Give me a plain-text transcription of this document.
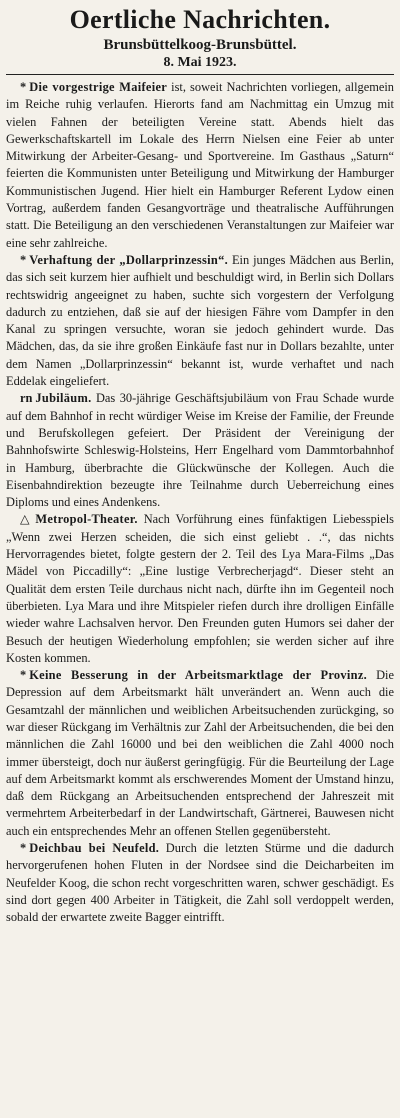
Oertliche Nachrichten.

Brunsbüttelkoog-Brunsbüttel.

8. Mai 1923.

* Die vorgestrige Maifeier ist, soweit Nachrichten vorliegen, allgemein im Reiche ruhig verlaufen. Hierorts fand am Nachmittag ein Umzug mit vielen Fahnen der beteiligten Vereine statt. Abends hielt das Gewerkschaftskartell im Lokale des Herrn Nielsen eine Feier ab unter Mitwirkung der Arbeiter-Gesang- und Sportvereine. Im Gasthaus „Saturn“ feierten die Kommunisten unter Beteiligung und Mitwirkung der Hamburger Kommunistischen Jugend. Hier hielt ein Hamburger Referent Lydow einen Vortrag, außerdem fanden Gesangvorträge und theatralische Aufführungen statt. Die Beteiligung an den verschiedenen Veranstaltungen zur Maifeier war eine sehr zahlreiche.

* Verhaftung der „Dollarprinzessin“. Ein junges Mädchen aus Berlin, das sich seit kurzem hier aufhielt und beschuldigt wird, in Berlin sich Dollars rechtswidrig angeeignet zu haben, suchte sich vorgestern der Verfolgung dadurch zu entziehen, daß sie auf der hiesigen Fähre vom Dampfer in den Kanal zu springen versuchte, woran sie jedoch gehindert wurde. Das Mädchen, das, da sie ihre großen Einkäufe fast nur in Dollars bezahlte, unter dem Namen „Dollarprinzessin“ bekannt ist, wurde verhaftet und nach Eddelak eingeliefert.

rn Jubiläum. Das 30-jährige Geschäftsjubiläum von Frau Schade wurde auf dem Bahnhof in recht würdiger Weise im Kreise der Familie, der Freunde und Berufskollegen gefeiert. Der Präsident der Vereinigung der Bahnhofswirte Schleswig-Holsteins, Herr Engelhard vom Dammtorbahnhof in Hamburg, überbrachte die Glückwünsche der Kollegen. Auch die Eisenbahndirektion bezeugte ihre Teilnahme durch Ueberreichung eines Diploms und eines Andenkens.

△ Metropol-Theater. Nach Vorführung eines fünfaktigen Liebesspiels „Wenn zwei Herzen scheiden, die sich einst geliebt . .“, das nichts Hervorragendes bietet, folgte gestern der 2. Teil des Lya Mara-Films „Das Mädel von Piccadilly“: „Eine lustige Verbrecherjagd“. Dieser steht an Qualität dem ersten Teile durchaus nicht nach, dürfte ihn im Gegenteil noch überbieten. Lya Mara und ihre Mitspieler riefen durch ihre drolligen Einfälle wieder wahre Lachsalven hervor. Den Freunden guten Humors sei daher der Besuch der heutigen Wiederholung empfohlen; sie werden sicher auf ihre Kosten kommen.

* Keine Besserung in der Arbeitsmarktlage der Provinz. Die Depression auf dem Arbeitsmarkt hält unverändert an. Wenn auch die Gesamtzahl der männlichen und weiblichen Arbeitsuchenden zurückging, so war dieser Rückgang im Verhältnis zur Zahl der Arbeitsuchenden, die bei den männlichen die Zahl 16000 und bei den weiblichen die Zahl 4000 noch immer übersteigt, doch nur äußerst geringfügig. Für die Beurteilung der Lage auf dem Arbeitsmarkt kommt als erschwerendes Moment der Umstand hinzu, daß dem Rückgang an Arbeitsuchenden entsprechend der Jahreszeit mit vermehrtem Arbeiterbedarf in der Landwirtschaft, Gärtnerei, Bauwesen nicht auch ein entsprechendes Mehr an offenen Stellen gegenübersteht.

* Deichbau bei Neufeld. Durch die letzten Stürme und die dadurch hervorgerufenen hohen Fluten in der Nordsee sind die Deicharbeiten im Neufelder Koog, die schon recht vorgeschritten waren, schwer geschädigt. Es sind dort gegen 400 Arbeiter in Tätigkeit, die Zahl soll verdoppelt werden, sobald der erwartete zweite Bagger eintrifft.
